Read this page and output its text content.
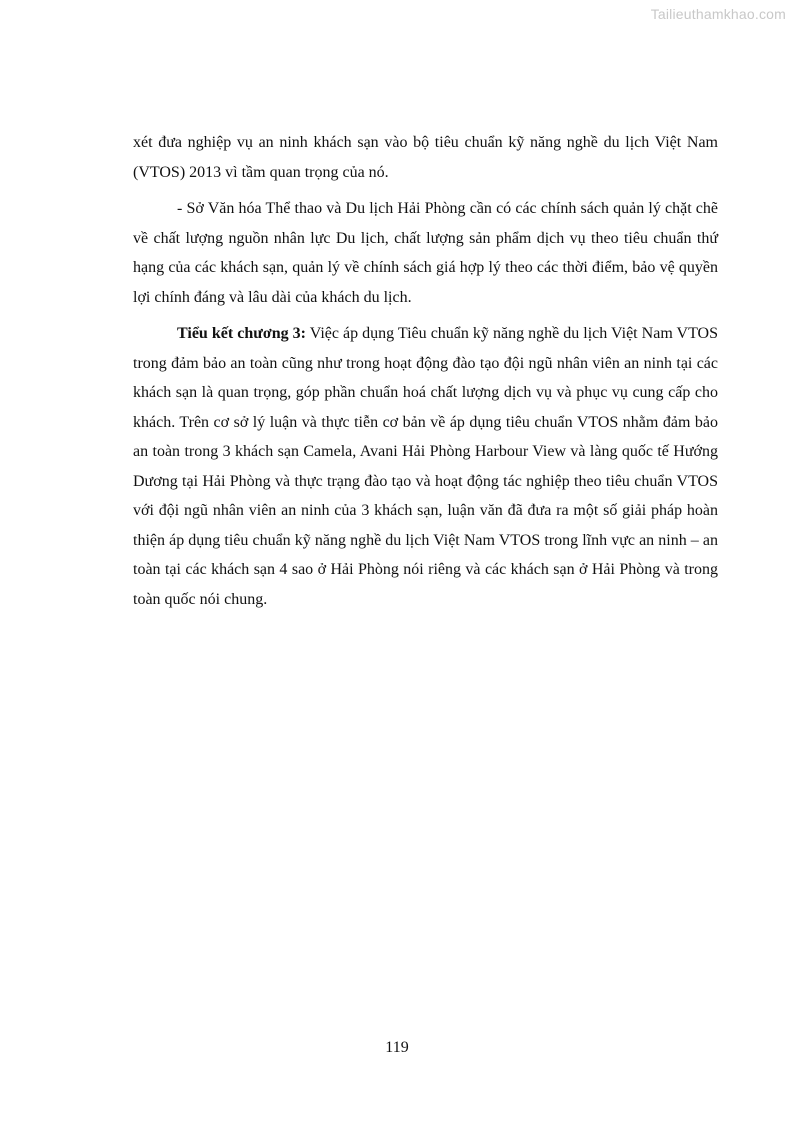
Tailieuthamkhao.com

xét đưa nghiệp vụ an ninh khách sạn vào bộ tiêu chuẩn kỹ năng nghề du lịch Việt Nam (VTOS) 2013 vì tầm quan trọng của nó.

- Sở Văn hóa Thể thao và Du lịch Hải Phòng cần có các chính sách quản lý chặt chẽ về chất lượng nguồn nhân lực Du lịch, chất lượng sản phẩm dịch vụ theo tiêu chuẩn thứ hạng của các khách sạn, quản lý về chính sách giá hợp lý theo các thời điểm, bảo vệ quyền lợi chính đáng và lâu dài của khách du lịch.

Tiểu kết chương 3: Việc áp dụng Tiêu chuẩn kỹ năng nghề du lịch Việt Nam VTOS trong đảm bảo an toàn cũng như trong hoạt động đào tạo đội ngũ nhân viên an ninh tại các khách sạn là quan trọng, góp phần chuẩn hoá chất lượng dịch vụ và phục vụ cung cấp cho khách. Trên cơ sở lý luận và thực tiễn cơ bản về áp dụng tiêu chuẩn VTOS nhằm đảm bảo an toàn trong 3 khách sạn Camela, Avani Hải Phòng Harbour View và làng quốc tế Hướng Dương tại Hải Phòng và thực trạng đào tạo và hoạt động tác nghiệp theo tiêu chuẩn VTOS với đội ngũ nhân viên an ninh của 3 khách sạn, luận văn đã đưa ra một số giải pháp hoàn thiện áp dụng tiêu chuẩn kỹ năng nghề du lịch Việt Nam VTOS trong lĩnh vực an ninh – an toàn tại các khách sạn 4 sao ở Hải Phòng nói riêng và các khách sạn ở Hải Phòng và trong toàn quốc nói chung.

119
